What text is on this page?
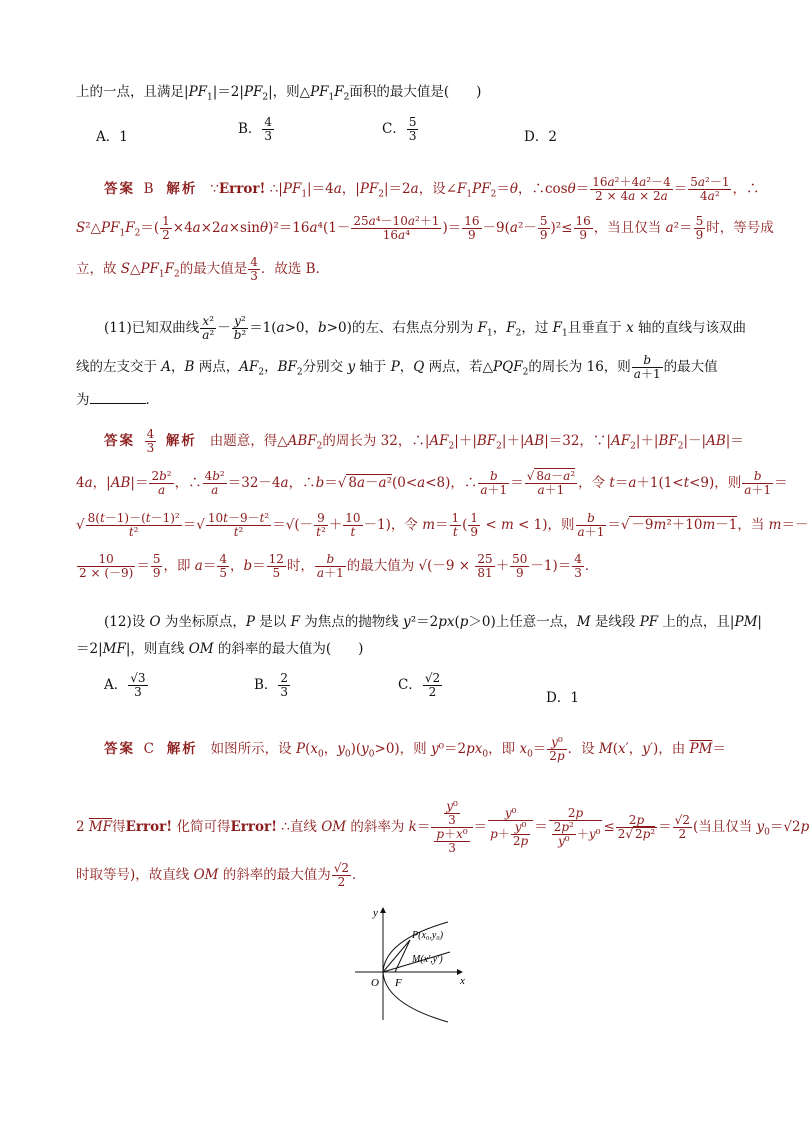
上的一点，且满足$|PF_1|=2|PF_2|$，则$\triangle PF_1F_2$面积的最大值是(　　)
A．1	B． $\frac{4}{3}$	C． $\frac{5}{3}$	D．2
答案 B 解析   ∵Error! $\therefore|PF_1|=4a$，$|PF_2|=2a$，设$\angle F_1PF_2=\theta$，∴cosθ＝ $\frac{\text{16a²＋4a²－4}}{2 \times 4a \times 2a} = \frac{\text{5a²－1}}{\text{4a²}}$ ，∴
$S^2\triangle PF_1F_2=( \frac{1}{2} \times 4a\times 2a\times\sin\theta)^2=16a^4(1- \frac{\text{25a⁴－10a²＋1}}{\text{16a⁴}}$ )＝ $\frac{16}{9} -9(a^2- \frac{5}{9} )^2\le \frac{16}{9}$ ，当且仅当 $a^2= \frac{5}{9}$ 时，等号成
立，故 $S\triangle PF_1F_2$的最大值是 $\frac{4}{3}$ ．故选 B．
(11)已知双曲线 $\frac{\text{x²}}{\text{a²}} - \frac{\text{y²}}{\text{b²}} =1(a>0$，b>0)的左、右焦点分别为 $F_1$，$F_2$，过 $F_1$且垂直于 x 轴的直线与该双曲
线的左支交于 A，B 两点，$AF_2$，$BF_2$分别交 y 轴于 P，Q 两点，若$\triangle PQF_2$的周长为 16，则 $\frac{b}{a+1}$ 的最大值
为	．
答案 $\frac{4}{3}$ 解析   由题意，得$\triangle ABF_2$的周长为 32，$\therefore|AF_2|+|BF_2|+|AB|=32$，$\because|AF_2|+|BF_2|-|AB|=$
4a，$|AB|= \frac{\text{2b²}}{a}$ ，∴ $\frac{\text{4b²}}{a} =32-4a$，∴b＝√ 8a－a²(0<a<8)，∴ $\frac{b}{a+1} = \frac{\text{√ 8a－a²}}{a+1}$ ，令 t＝a＋1(1<t<9)，则 $\frac{b}{a+1}$ ＝
√ $\frac{\text{8(t－1)－(t－1)²}}{\text{t²}}$ ＝√ $\frac{\text{10t－9－t²}}{\text{t²}}$ ＝√(－ $\frac{9}{\text{t²}} + \frac{10}{t} -1$)，令 $m= \frac{1}{t}$ ( $\frac{1}{9} < m < 1$)，则 $\frac{b}{a+1}$ ＝√ －9m²＋10m－1，当 m＝－
$\frac{10}{2 \times (-9)} = \frac{5}{9}$ ，即 $a= \frac{4}{5}$ ，$b= \frac{12}{5}$ 时， $\frac{b}{a+1}$ 的最大值为 $√(-9 \times \frac{25}{81} + \frac{50}{9} -1)= \frac{4}{3}$ ．
(12)设 O 为坐标原点，P 是以 F 为焦点的抛物线 y²＝2px(p＞0)上任意一点，M 是线段 PF 上的点，且|PM|
＝2|MF|，则直线 OM 的斜率的最大值为(　　)
A． $\frac{√3}{3}$	B． $\frac{2}{3}$	C． $\frac{√2}{2}$	D．1
答案 C 解析   如图所示，设 $P(x_0$，$y_0)(y_0>0)$，则 $y^0=2px_0$，即 $x_0= \frac{\text{y⁰}}{2p}$ ．设 M(x′，y′)，由 $\overline{PM}=$
2 $\overline{MF}$得Error! 化简可得Error! ∴直线 OM 的斜率为 $k= \frac{\frac{\text{y⁰}}{3}}{\frac{\text{p＋x⁰}}{3}} = \frac{\text{y⁰}}{p+ \frac{\text{y⁰}}{2p}} = \frac{2p}{\frac{\text{2p²}}{\text{y⁰}} +y^0} \le \frac{2p}{\text{2√ 2p²}} = \frac{√2}{2}$ (当且仅当 $y_0=√2p$
时取等号)，故直线 OM 的斜率的最大值为 $\frac{√2}{2}$ ．
y
x
O F
P(x₀,y₀)
M(x′,y′)
